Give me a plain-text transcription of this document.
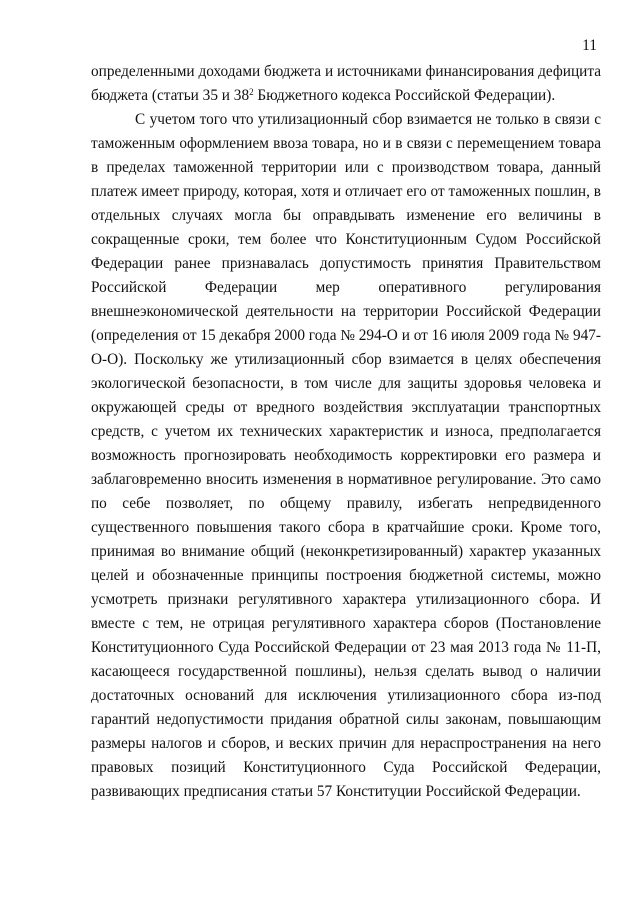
11

определенными доходами бюджета и источниками финансирования дефицита бюджета (статьи 35 и $38^2$ Бюджетного кодекса Российской Федерации).

С учетом того что утилизационный сбор взимается не только в связи с таможенным оформлением ввоза товара, но и в связи с перемещением товара в пределах таможенной территории или с производством товара, данный платеж имеет природу, которая, хотя и отличает его от таможенных пошлин, в отдельных случаях могла бы оправдывать изменение его величины в сокращенные сроки, тем более что Конституционным Судом Российской Федерации ранее признавалась допустимость принятия Правительством Российской Федерации мер оперативного регулирования внешнеэкономической деятельности на территории Российской Федерации (определения от 15 декабря 2000 года № 294-О и от 16 июля 2009 года № 947-О-О). Поскольку же утилизационный сбор взимается в целях обеспечения экологической безопасности, в том числе для защиты здоровья человека и окружающей среды от вредного воздействия эксплуатации транспортных средств, с учетом их технических характеристик и износа, предполагается возможность прогнозировать необходимость корректировки его размера и заблаговременно вносить изменения в нормативное регулирование. Это само по себе позволяет, по общему правилу, избегать непредвиденного существенного повышения такого сбора в кратчайшие сроки. Кроме того, принимая во внимание общий (неконкретизированный) характер указанных целей и обозначенные принципы построения бюджетной системы, можно усмотреть признаки регулятивного характера утилизационного сбора. И вместе с тем, не отрицая регулятивного характера сборов (Постановление Конституционного Суда Российской Федерации от 23 мая 2013 года № 11-П, касающееся государственной пошлины), нельзя сделать вывод о наличии достаточных оснований для исключения утилизационного сбора из-под гарантий недопустимости придания обратной силы законам, повышающим размеры налогов и сборов, и веских причин для нераспространения на него правовых позиций Конституционного Суда Российской Федерации, развивающих предписания статьи 57 Конституции Российской Федерации.
